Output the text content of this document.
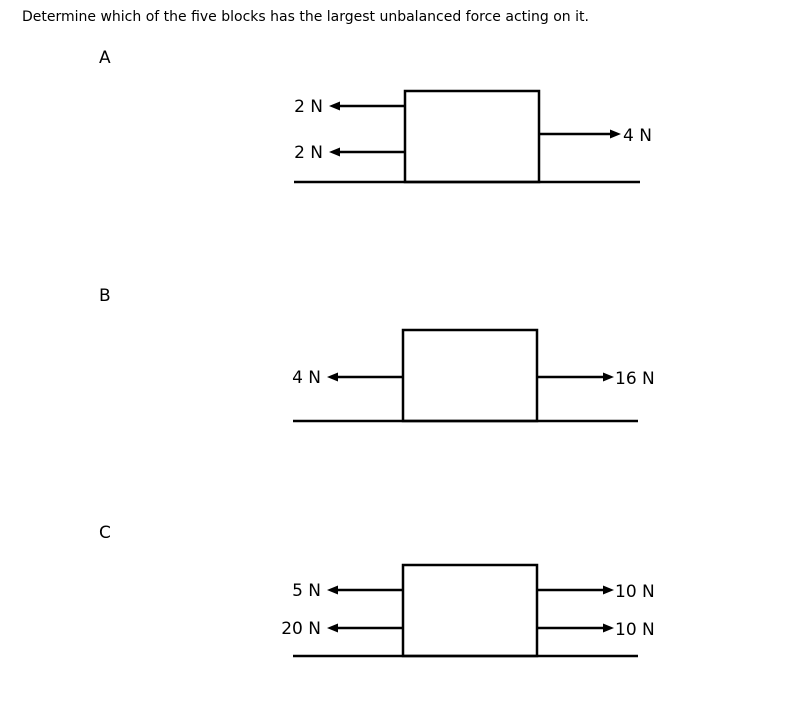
Determine which of the five blocks has the largest unbalanced force acting on it.
A
B
C
2 N
2 N
4 N
4 N	16 N
5 N
20 N
10 N
10 N
